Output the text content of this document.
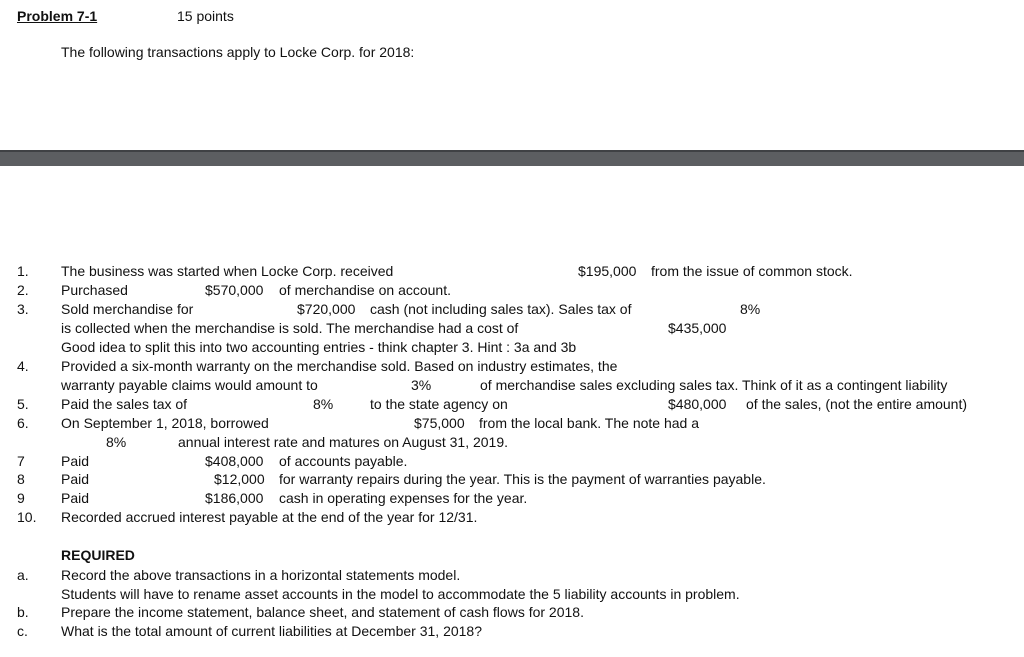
Problem 7-1	15 points
The following transactions apply to Locke Corp. for 2018:
1. The business was started when Locke Corp. received	$195,000 from the issue of common stock.
2. Purchased	$570,000 of merchandise on account.
3. Sold merchandise for	$720,000 cash (not including sales tax). Sales tax of	8%
is collected when the merchandise is sold. The merchandise had a cost of	$435,000
Good idea to split this into two accounting entries - think chapter 3. Hint : 3a and 3b
4. Provided a six-month warranty on the merchandise sold. Based on industry estimates, the
warranty payable claims would amount to	3%	of merchandise sales excluding sales tax. Think of it as a contingent liability
5. Paid the sales tax of	8%	to the state agency on	$480,000 of the sales, (not the entire amount)
6. On September 1, 2018, borrowed	$75,000 from the local bank. The note had a
8%	annual interest rate and matures on August 31, 2019.
7	Paid	$408,000 of accounts payable.
8	Paid	$12,000 for warranty repairs during the year. This is the payment of warranties payable.
9	Paid	$186,000 cash in operating expenses for the year.
10. Recorded accrued interest payable at the end of the year for 12/31.
REQUIRED
a. Record the above transactions in a horizontal statements model.
Students will have to rename asset accounts in the model to accommodate the 5 liability accounts in problem.
b. Prepare the income statement, balance sheet, and statement of cash flows for 2018.
c. What is the total amount of current liabilities at December 31, 2018?
